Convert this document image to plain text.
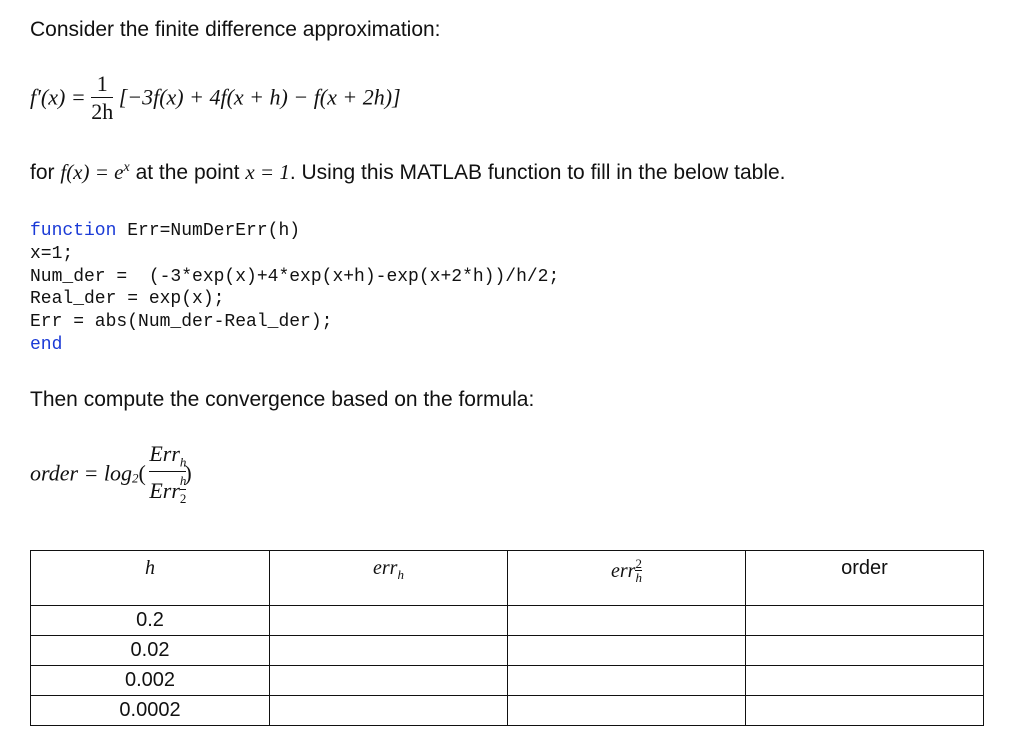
Consider the finite difference approximation:
$f'(x) = \frac{1}{2h} [-3f(x) + 4f(x + h) - f(x + 2h)]$
for $f(x) = e^x$ at the point x = 1. Using this MATLAB function to fill in the below table.
function Err=NumDerErr(h)
x=1;
Num_der =  (-3*exp(x)+4*exp(x+h)-exp(x+2*h))/h/2;
Real_der = exp(x);
Err = abs(Num_der-Real_der);
end
Then compute the convergence based on the formula:
order = $\log_2( \frac{Err_h}{Err \frac{h}{2}}$
)
h	err$_h$	err $\frac{2}{h}$	order
0.2			
0.02			
0.002			
0.0002			
